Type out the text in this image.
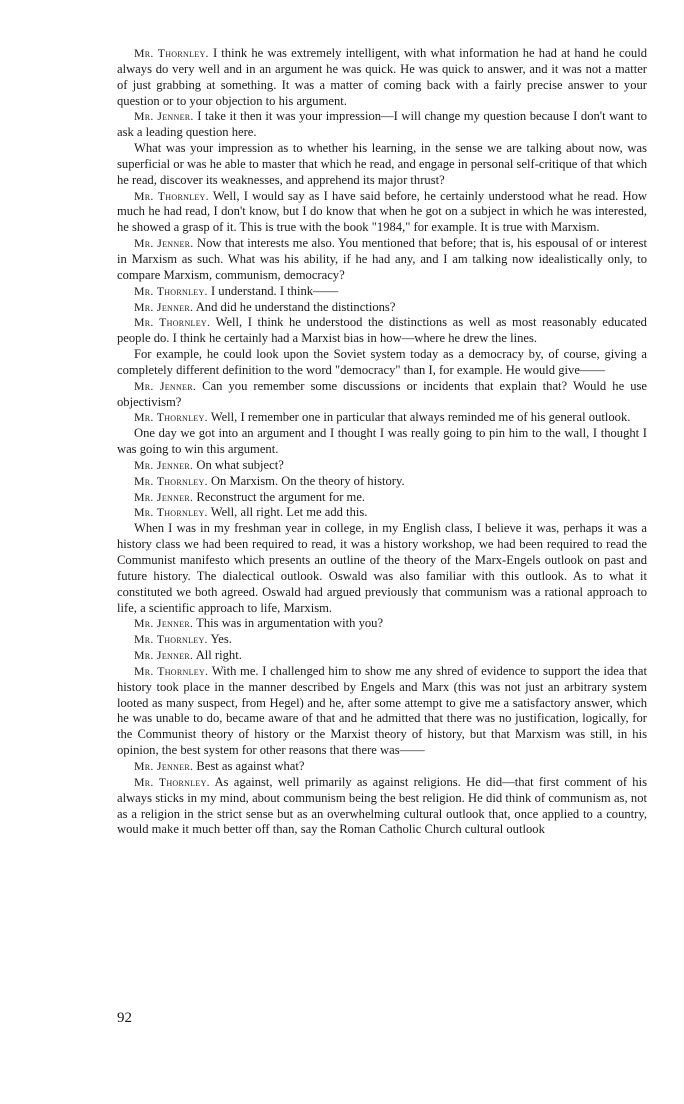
Mr. Thornley. I think he was extremely intelligent, with what information he had at hand he could always do very well and in an argument he was quick. He was quick to answer, and it was not a matter of just grabbing at something. It was a matter of coming back with a fairly precise answer to your question or to your objection to his argument.

Mr. Jenner. I take it then it was your impression—I will change my question because I don't want to ask a leading question here.

What was your impression as to whether his learning, in the sense we are talking about now, was superficial or was he able to master that which he read, and engage in personal self-critique of that which he read, discover its weaknesses, and apprehend its major thrust?

Mr. Thornley. Well, I would say as I have said before, he certainly understood what he read. How much he had read, I don't know, but I do know that when he got on a subject in which he was interested, he showed a grasp of it. This is true with the book "1984," for example. It is true with Marxism.

Mr. Jenner. Now that interests me also. You mentioned that before; that is, his espousal of or interest in Marxism as such. What was his ability, if he had any, and I am talking now idealistically only, to compare Marxism, communism, democracy?

Mr. Thornley. I understand. I think——

Mr. Jenner. And did he understand the distinctions?

Mr. Thornley. Well, I think he understood the distinctions as well as most reasonably educated people do. I think he certainly had a Marxist bias in how—where he drew the lines.

For example, he could look upon the Soviet system today as a democracy by, of course, giving a completely different definition to the word "democracy" than I, for example. He would give——

Mr. Jenner. Can you remember some discussions or incidents that explain that? Would he use objectivism?

Mr. Thornley. Well, I remember one in particular that always reminded me of his general outlook.

One day we got into an argument and I thought I was really going to pin him to the wall, I thought I was going to win this argument.

Mr. Jenner. On what subject?

Mr. Thornley. On Marxism. On the theory of history.

Mr. Jenner. Reconstruct the argument for me.

Mr. Thornley. Well, all right. Let me add this.

When I was in my freshman year in college, in my English class, I believe it was, perhaps it was a history class we had been required to read, it was a history workshop, we had been required to read the Communist manifesto which presents an outline of the theory of the Marx-Engels outlook on past and future history. The dialectical outlook. Oswald was also familiar with this outlook. As to what it constituted we both agreed. Oswald had argued previously that communism was a rational approach to life, a scientific approach to life, Marxism.

Mr. Jenner. This was in argumentation with you?

Mr. Thornley. Yes.

Mr. Jenner. All right.

Mr. Thornley. With me. I challenged him to show me any shred of evidence to support the idea that history took place in the manner described by Engels and Marx (this was not just an arbitrary system looted as many suspect, from Hegel) and he, after some attempt to give me a satisfactory answer, which he was unable to do, became aware of that and he admitted that there was no justification, logically, for the Communist theory of history or the Marxist theory of history, but that Marxism was still, in his opinion, the best system for other reasons that there was——

Mr. Jenner. Best as against what?

Mr. Thornley. As against, well primarily as against religions. He did—that first comment of his always sticks in my mind, about communism being the best religion. He did think of communism as, not as a religion in the strict sense but as an overwhelming cultural outlook that, once applied to a country, would make it much better off than, say the Roman Catholic Church cultural outlook

92
